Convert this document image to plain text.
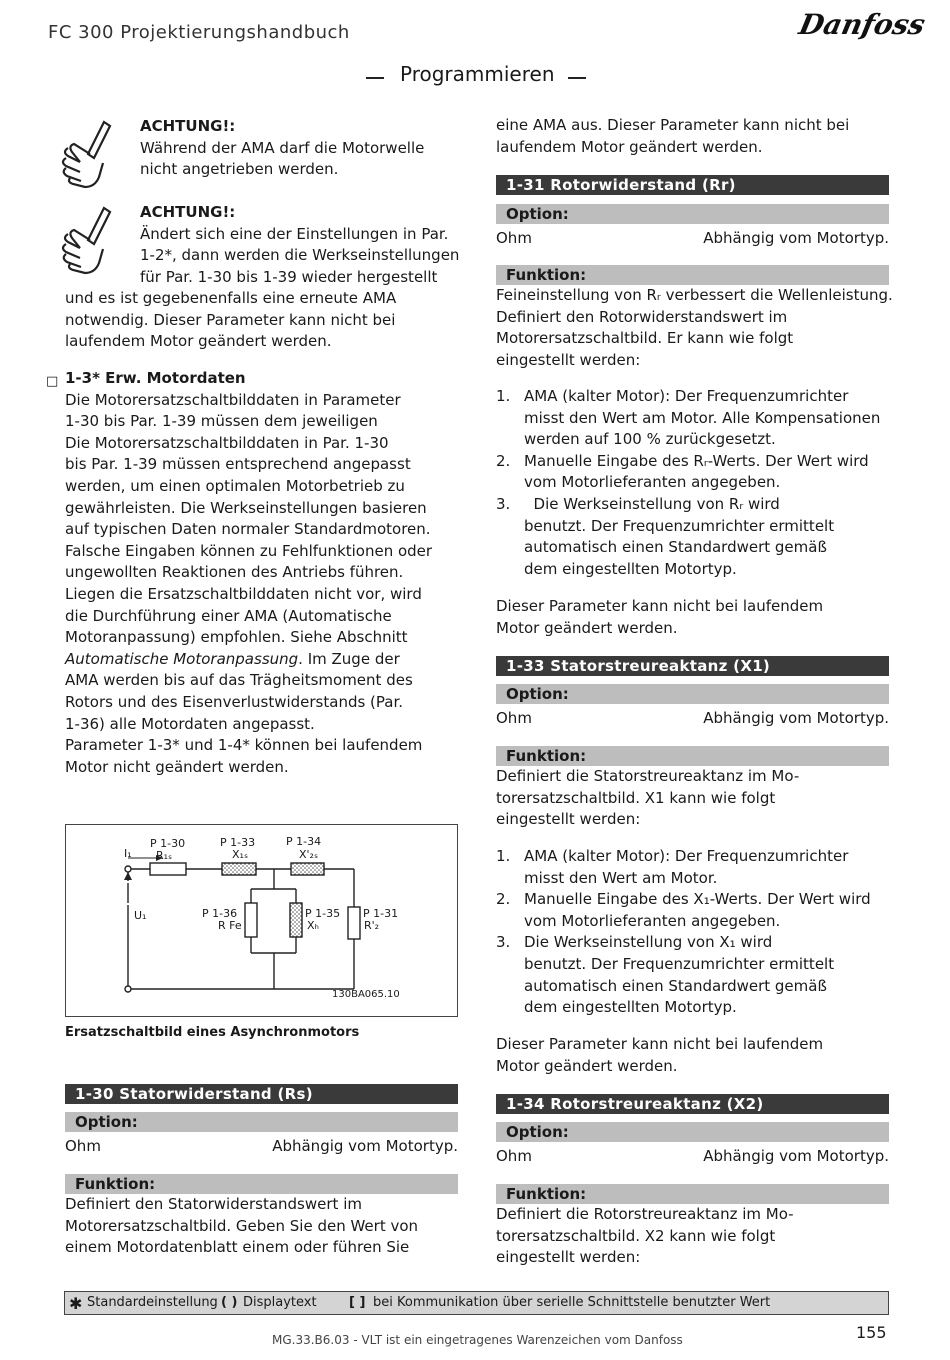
FC 300 Projektierungshandbuch	Danfoss
Programmieren

ACHTUNG!:

Während der AMA darf die Motorwelle

nicht angetrieben werden.

ACHTUNG!:

Ändert sich eine der Einstellungen in Par.

1-2*, dann werden die Werkseinstellungen

für Par. 1-30 bis 1-39 wieder hergestellt

und es ist gegebenenfalls eine erneute AMA

notwendig. Dieser Parameter kann nicht bei

laufendem Motor geändert werden.

□ 1-3* Erw. Motordaten

Die Motorersatzschaltbilddaten in Parameter

1-30 bis Par. 1-39 müssen dem jeweiligen

Die Motorersatzschaltbilddaten in Par. 1-30

bis Par. 1-39 müssen entsprechend angepasst

werden, um einen optimalen Motorbetrieb zu

gewährleisten. Die Werkseinstellungen basieren

auf typischen Daten normaler Standardmotoren.

Falsche Eingaben können zu Fehlfunktionen oder

ungewollten Reaktionen des Antriebs führen.

Liegen die Ersatzschaltbilddaten nicht vor, wird

die Durchführung einer AMA (Automatische

Motoranpassung) empfohlen. Siehe Abschnitt

Automatische Motoranpassung. Im Zuge der

AMA werden bis auf das Trägheitsmoment des

Rotors und des Eisenverlustwiderstands (Par.

1-36) alle Motordaten angepasst.

Parameter 1-3* und 1-4* können bei laufendem

Motor nicht geändert werden.

I₁
U₁
P 1-30
R₁ₛ
P 1-33
X₁ₛ
P 1-34
X'₂ₛ
P 1-36
R Fe
P 1-35
Xₕ
P 1-31
R'₂
130BA065.10
Ersatzschaltbild eines Asynchronmotors
1-30 Statorwiderstand (Rs)
Option:
Ohm	Abhängig vom Motortyp.
Funktion:

Definiert den Statorwiderstandswert im

Motorersatzschaltbild. Geben Sie den Wert von

einem Motordatenblatt einem oder führen Sie

eine AMA aus. Dieser Parameter kann nicht bei

laufendem Motor geändert werden.

1-31 Rotorwiderstand (Rr)
Option:
Ohm	Abhängig vom Motortyp.
Funktion:

Feineinstellung von Rᵣ verbessert die Wellenleistung.

Definiert den Rotorwiderstandswert im

Motorersatzschaltbild. Er kann wie folgt

eingestellt werden:

1. AMA (kalter Motor): Der Frequenzumrichter
misst den Wert am Motor. Alle Kompensationen
werden auf 100 % zurückgesetzt.
2. Manuelle Eingabe des Rᵣ-Werts. Der Wert wird
vom Motorlieferanten angegeben.
3. Die Werkseinstellung von Rᵣ wird
benutzt. Der Frequenzumrichter ermittelt
automatisch einen Standardwert gemäß
dem eingestellten Motortyp.

Dieser Parameter kann nicht bei laufendem

Motor geändert werden.

1-33 Statorstreureaktanz (X1)
Option:
Ohm	Abhängig vom Motortyp.
Funktion:

Definiert die Statorstreureaktanz im Mo-

torersatzschaltbild. X1 kann wie folgt

eingestellt werden:

1. AMA (kalter Motor): Der Frequenzumrichter
misst den Wert am Motor.
2. Manuelle Eingabe des X₁-Werts. Der Wert wird
vom Motorlieferanten angegeben.
3. Die Werkseinstellung von X₁ wird
benutzt. Der Frequenzumrichter ermittelt
automatisch einen Standardwert gemäß
dem eingestellten Motortyp.

Dieser Parameter kann nicht bei laufendem

Motor geändert werden.

1-34 Rotorstreureaktanz (X2)
Option:
Ohm	Abhängig vom Motortyp.
Funktion:

Definiert die Rotorstreureaktanz im Mo-

torersatzschaltbild. X2 kann wie folgt

eingestellt werden:

✱ Standardeinstellung ( ) Displaytext [ ] bei Kommunikation über serielle Schnittstelle benutzter Wert
MG.33.B6.03 - VLT ist ein eingetragenes Warenzeichen vom Danfoss	155
